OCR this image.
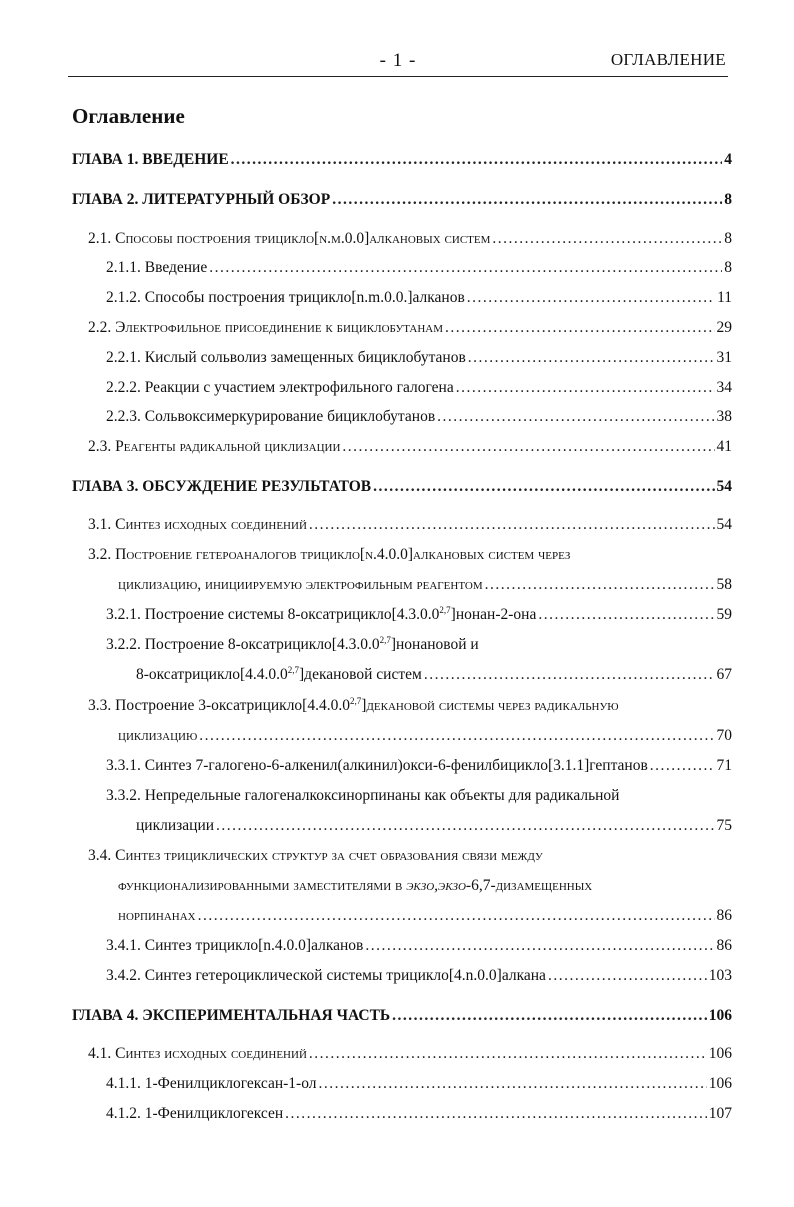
- 1 -	ОГЛАВЛЕНИЕ
Оглавление
ГЛАВА 1. ВВЕДЕНИЕ .....	4
ГЛАВА 2. ЛИТЕРАТУРНЫЙ ОБЗОР .....	8
2.1. Способы построения трицикло[n.m.0.0]алкановых систем .....	8
2.1.1. Введение .....	8
2.1.2. Способы построения трицикло[n.m.0.0.]алканов .....	11
2.2. Электрофильное присоединение к бициклобутанам .....	29
2.2.1. Кислый сольволиз замещенных бициклобутанов .....	31
2.2.2. Реакции с участием электрофильного галогена .....	34
2.2.3. Сольвоксимеркурирование бициклобутанов .....	38
2.3. Реагенты радикальной циклизации .....	41
ГЛАВА 3. ОБСУЖДЕНИЕ РЕЗУЛЬТАТОВ .....	54
3.1. Синтез исходных соединений .....	54
3.2. Построение гетероаналогов трицикло[n.4.0.0]алкановых систем через
циклизацию, инициируемую электрофильным реагентом .....	58
3.2.1. Построение системы 8-оксатрицикло[4.3.0.0$^{2,7}$]нонан-2-она .....	59
3.2.2. Построение 8-оксатрицикло[4.3.0.0$^{2,7}$]нонановой и
8-оксатрицикло[4.4.0.0$^{2,7}$]декановой систем .....	67
3.3. Построение 3-оксатрицикло[4.4.0.0$^{2,7}$]декановой системы через радикальную
циклизацию .....	70
3.3.1. Синтез 7-галогено-6-алкенил(алкинил)окси-6-фенилбицикло[3.1.1]гептанов .....	71
3.3.2. Непредельные галогеналкоксинорпинаны как объекты для радикальной
циклизации .....	75
3.4. Синтез трициклических структур за счет образования связи между
функционализированными заместителями в экзо,экзо-6,7-дизамещенных
норпинанах .....	86
3.4.1. Синтез трицикло[n.4.0.0]алканов .....	86
3.4.2. Синтез гетероциклической системы трицикло[4.n.0.0]алкана .....	103
ГЛАВА 4. ЭКСПЕРИМЕНТАЛЬНАЯ ЧАСТЬ .....	106
4.1. Синтез исходных соединений .....	106
4.1.1. 1-Фенилциклогексан-1-ол .....	106
4.1.2. 1-Фенилциклогексен .....	107
